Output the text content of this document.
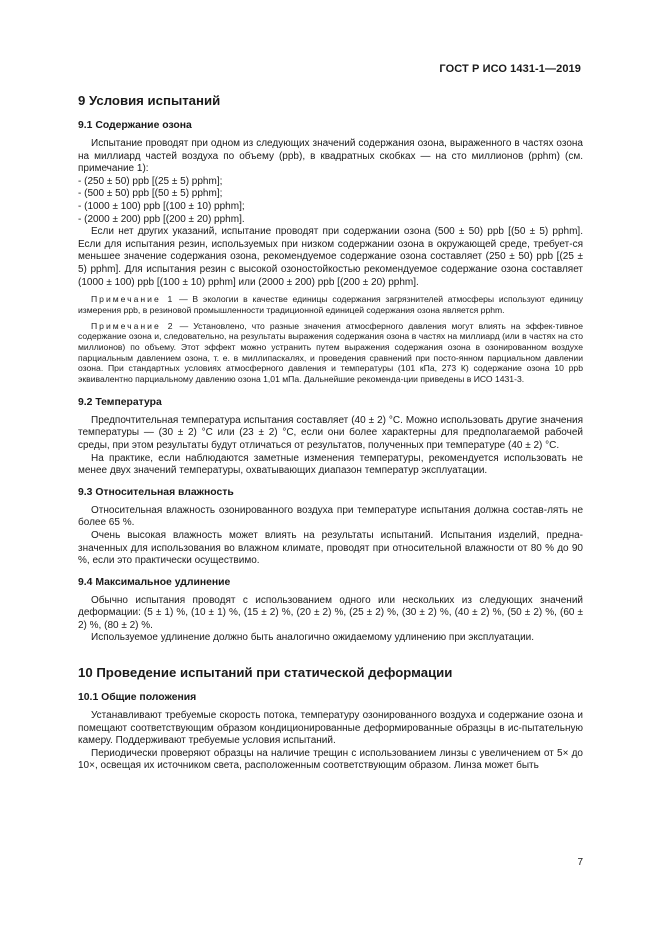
ГОСТ Р ИСО 1431-1—2019
9 Условия испытаний
9.1 Содержание озона

Испытание проводят при одном из следующих значений содержания озона, выраженного в частях озона на миллиард частей воздуха по объему (ppb), в квадратных скобках — на сто миллионов (pphm) (см. примечание 1):

- (250 ± 50) ppb [(25 ± 5) pphm];
- (500 ± 50) ppb [(50 ± 5) pphm];
- (1000 ± 100) ppb [(100 ± 10) pphm];
- (2000 ± 200) ppb [(200 ± 20) pphm].

Если нет других указаний, испытание проводят при содержании озона (500 ± 50) ppb [(50 ± 5) pphm]. Если для испытания резин, используемых при низком содержании озона в окружающей среде, требует-ся меньшее значение содержания озона, рекомендуемое содержание озона составляет (250 ± 50) ppb [(25 ± 5) pphm]. Для испытания резин с высокой озоностойкостью рекомендуемое содержание озона составляет (1000 ± 100) ppb [(100 ± 10) pphm] или (2000 ± 200) ppb [(200 ± 20) pphm].

Примечание 1 — В экологии в качестве единицы содержания загрязнителей атмосферы используют единицу измерения ppb, в резиновой промышленности традиционной единицей содержания озона является pphm.

Примечание 2 — Установлено, что разные значения атмосферного давления могут влиять на эффек-тивное содержание озона и, следовательно, на результаты выражения содержания озона в частях на миллиард (или в частях на сто миллионов) по объему. Этот эффект можно устранить путем выражения содержания озона в озонированном воздухе парциальным давлением озона, т. е. в миллипаскалях, и проведения сравнений при посто-янном парциальном давлении озона. При стандартных условиях атмосферного давления и температуры (101 кПа, 273 К) содержание озона 10 ppb эквивалентно парциальному давлению озона 1,01 мПа. Дальнейшие рекоменда-ции приведены в ИСО 1431-3.

9.2 Температура

Предпочтительная температура испытания составляет (40 ± 2) °С. Можно использовать другие значения температуры — (30 ± 2) °С или (23 ± 2) °С, если они более характерны для предполагаемой рабочей среды, при этом результаты будут отличаться от результатов, полученных при температуре (40 ± 2) °С.

На практике, если наблюдаются заметные изменения температуры, рекомендуется использовать не менее двух значений температуры, охватывающих диапазон температур эксплуатации.

9.3 Относительная влажность

Относительная влажность озонированного воздуха при температуре испытания должна состав-лять не более 65 %.

Очень высокая влажность может влиять на результаты испытаний. Испытания изделий, предна-значенных для использования во влажном климате, проводят при относительной влажности от 80 % до 90 %, если это практически осуществимо.

9.4 Максимальное удлинение

Обычно испытания проводят с использованием одного или нескольких из следующих значений деформации: (5 ± 1) %, (10 ± 1) %, (15 ± 2) %, (20 ± 2) %, (25 ± 2) %, (30 ± 2) %, (40 ± 2) %, (50 ± 2) %, (60 ± 2) %, (80 ± 2) %.

Используемое удлинение должно быть аналогично ожидаемому удлинению при эксплуатации.

10 Проведение испытаний при статической деформации
10.1 Общие положения

Устанавливают требуемые скорость потока, температуру озонированного воздуха и содержание озона и помещают соответствующим образом кондиционированные деформированные образцы в ис-пытательную камеру. Поддерживают требуемые условия испытаний.

Периодически проверяют образцы на наличие трещин с использованием линзы с увеличением от 5× до 10×, освещая их источником света, расположенным соответствующим образом. Линза может быть

7
